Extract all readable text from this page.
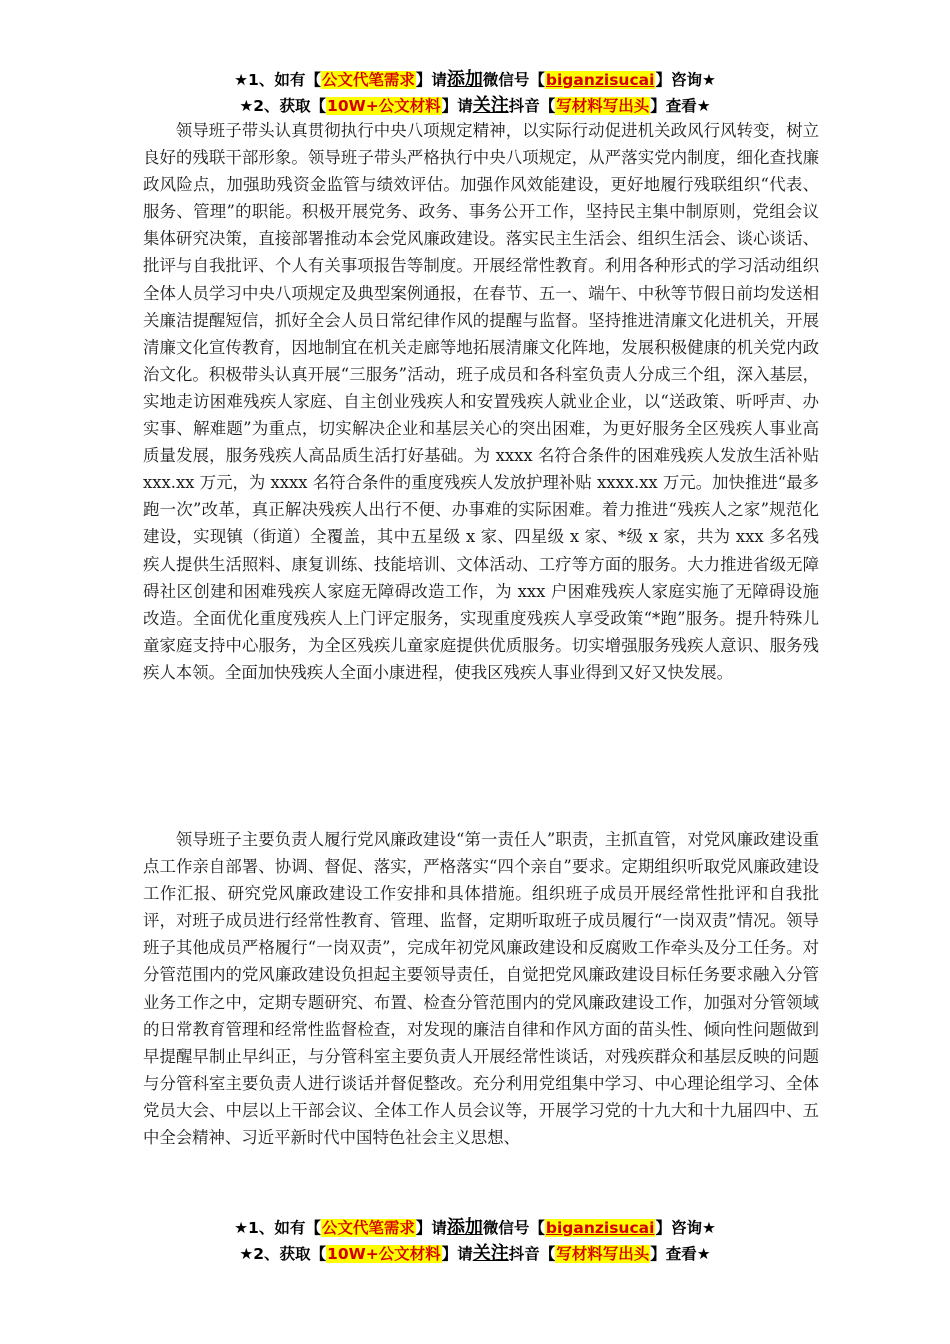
★1、如有【公文代笔需求】请添加微信号【biganzisucai】咨询★
★2、获取【10W+公文材料】请关注抖音【写材料写出头】查看★

领导班子带头认真贯彻执行中央八项规定精神，以实际行动促进机关政风行风转变，树立良好的残联干部形象。领导班子带头严格执行中央八项规定，从严落实党内制度，细化查找廉政风险点，加强助残资金监管与绩效评估。加强作风效能建设，更好地履行残联组织“代表、服务、管理”的职能。积极开展党务、政务、事务公开工作，坚持民主集中制原则，党组会议集体研究决策，直接部署推动本会党风廉政建设。落实民主生活会、组织生活会、谈心谈话、批评与自我批评、个人有关事项报告等制度。开展经常性教育。利用各种形式的学习活动组织全体人员学习中央八项规定及典型案例通报，在春节、五一、端午、中秋等节假日前均发送相关廉洁提醒短信，抓好全会人员日常纪律作风的提醒与监督。坚持推进清廉文化进机关，开展清廉文化宣传教育，因地制宜在机关走廊等地拓展清廉文化阵地，发展积极健康的机关党内政治文化。积极带头认真开展“三服务”活动，班子成员和各科室负责人分成三个组，深入基层，实地走访困难残疾人家庭、自主创业残疾人和安置残疾人就业企业，以“送政策、听呼声、办实事、解难题”为重点，切实解决企业和基层关心的突出困难，为更好服务全区残疾人事业高质量发展，服务残疾人高品质生活打好基础。为 xxxx 名符合条件的困难残疾人发放生活补贴 xxx.xx 万元，为 xxxx 名符合条件的重度残疾人发放护理补贴 xxxx.xx 万元。加快推进“最多跑一次”改革，真正解决残疾人出行不便、办事难的实际困难。着力推进“残疾人之家”规范化建设，实现镇（街道）全覆盖，其中五星级 x 家、四星级 x 家、*级 x 家，共为 xxx 多名残疾人提供生活照料、康复训练、技能培训、文体活动、工疗等方面的服务。大力推进省级无障碍社区创建和困难残疾人家庭无障碍改造工作，为 xxx 户困难残疾人家庭实施了无障碍设施改造。全面优化重度残疾人上门评定服务，实现重度残疾人享受政策“*跑”服务。提升特殊儿童家庭支持中心服务，为全区残疾儿童家庭提供优质服务。切实增强服务残疾人意识、服务残疾人本领。全面加快残疾人全面小康进程，使我区残疾人事业得到又好又快发展。

领导班子主要负责人履行党风廉政建设“第一责任人”职责，主抓直管，对党风廉政建设重点工作亲自部署、协调、督促、落实，严格落实“四个亲自”要求。定期组织听取党风廉政建设工作汇报、研究党风廉政建设工作安排和具体措施。组织班子成员开展经常性批评和自我批评，对班子成员进行经常性教育、管理、监督，定期听取班子成员履行“一岗双责”情况。领导班子其他成员严格履行“一岗双责”，完成年初党风廉政建设和反腐败工作牵头及分工任务。对分管范围内的党风廉政建设负担起主要领导责任，自觉把党风廉政建设目标任务要求融入分管业务工作之中，定期专题研究、布置、检查分管范围内的党风廉政建设工作，加强对分管领域的日常教育管理和经常性监督检查，对发现的廉洁自律和作风方面的苗头性、倾向性问题做到早提醒早制止早纠正，与分管科室主要负责人开展经常性谈话，对残疾群众和基层反映的问题与分管科室主要负责人进行谈话并督促整改。充分利用党组集中学习、中心理论组学习、全体党员大会、中层以上干部会议、全体工作人员会议等，开展学习党的十九大和十九届四中、五中全会精神、习近平新时代中国特色社会主义思想、

★1、如有【公文代笔需求】请添加微信号【biganzisucai】咨询★
★2、获取【10W+公文材料】请关注抖音【写材料写出头】查看★
